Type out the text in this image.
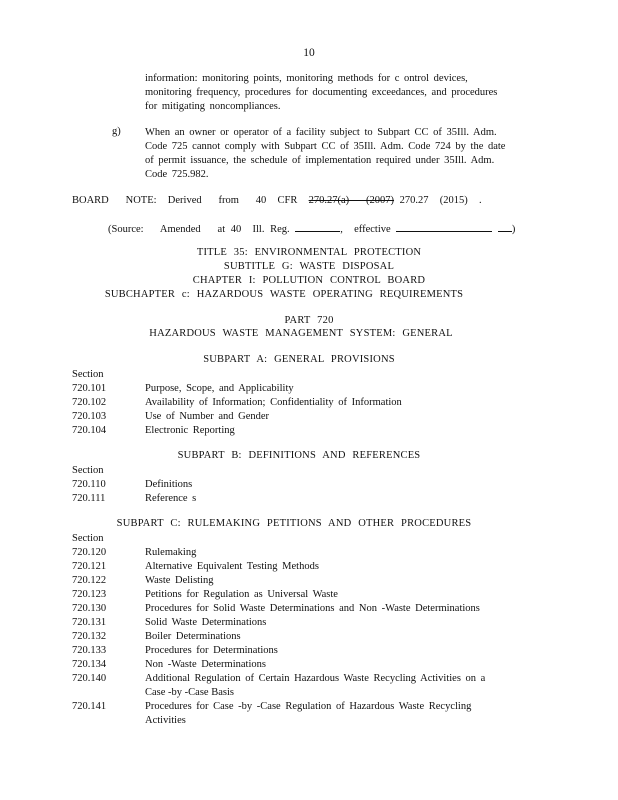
10
information: monitoring points, monitoring methods for c ontrol devices,
monitoring frequency, procedures for documenting exceedances, and procedures
for mitigating noncompliances.
g) When an owner or operator of a facility subject to Subpart CC of 35Ill. Adm.
Code 725 cannot comply with Subpart CC of 35Ill. Adm. Code 724 by the date
of permit issuance, the schedule of implementation required under 35Ill. Adm.
Code 725.982.
BOARD   NOTE:  Derived   from   40  CFR  270.27(a)   (2007) 270.27  (2015)  .
(Source:   Amended   at 40  Ill. Reg.	,  effective	)
TITLE 35: ENVIRONMENTAL PROTECTION
SUBTITLE G: WASTE DISPOSAL
CHAPTER I: POLLUTION CONTROL BOARD
SUBCHAPTER c: HAZARDOUS WASTE OPERATING REQUIREMENTS
PART 720
HAZARDOUS WASTE MANAGEMENT SYSTEM: GENERAL
SUBPART A: GENERAL PROVISIONS
Section
720.101	Purpose, Scope, and Applicability
720.102	Availability of Information; Confidentiality of Information
720.103	Use of Number and Gender
720.104	Electronic Reporting
SUBPART B: DEFINITIONS AND REFERENCES
Section
720.110	Definitions
720.111	Reference s
SUBPART C: RULEMAKING PETITIONS AND OTHER PROCEDURES
Section
720.120	Rulemaking
720.121	Alternative Equivalent Testing Methods
720.122	Waste Delisting
720.123	Petitions for Regulation as Universal Waste
720.130	Procedures for Solid Waste Determinations and Non -Waste Determinations
720.131	Solid Waste Determinations
720.132	Boiler Determinations
720.133	Procedures for Determinations
720.134	Non -Waste Determinations
720.140	Additional Regulation of Certain Hazardous Waste Recycling Activities on a
Case -by -Case Basis
720.141	Procedures for Case -by -Case Regulation of Hazardous Waste Recycling
Activities
